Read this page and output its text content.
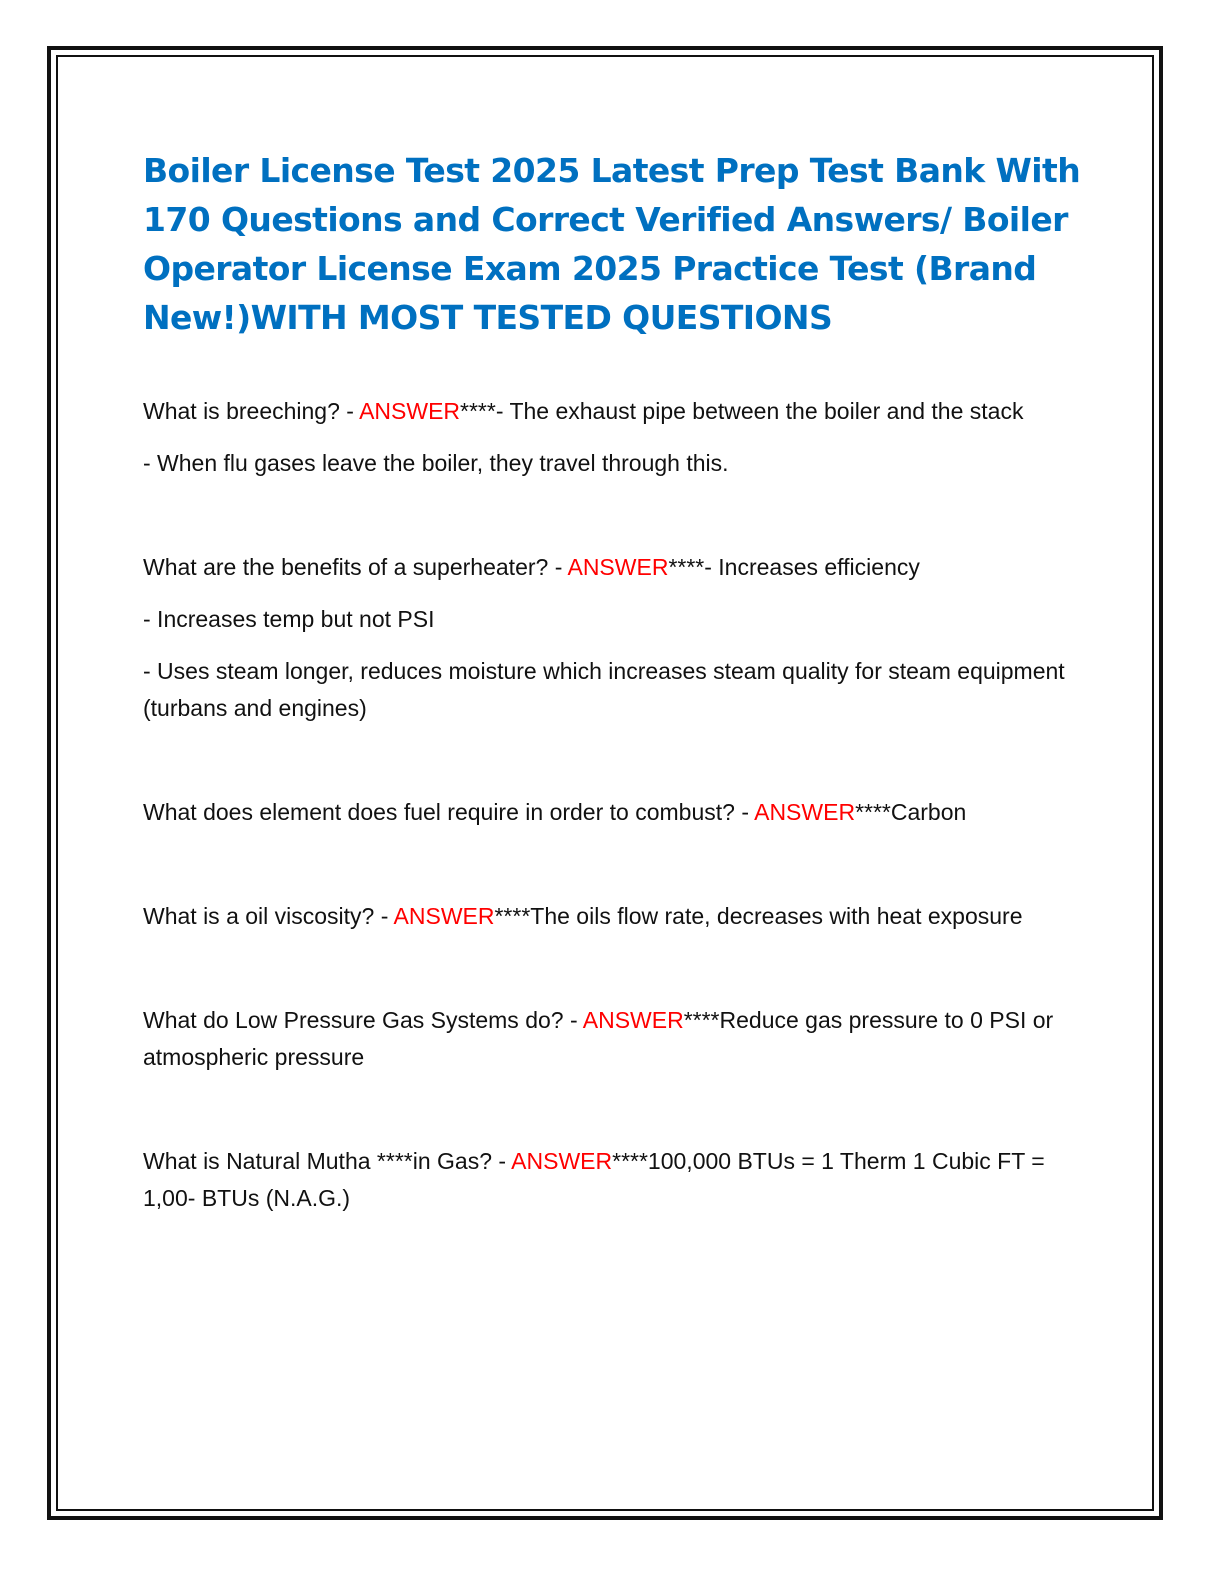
Boiler License Test 2025 Latest Prep Test Bank With 170 Questions and Correct Verified Answers/ Boiler Operator License Exam 2025 Practice Test (Brand New!)WITH MOST TESTED QUESTIONS

What is breeching? - ANSWER****- The exhaust pipe between the boiler and the stack

- When flu gases leave the boiler, they travel through this.

What are the benefits of a superheater? - ANSWER****- Increases efficiency

- Increases temp but not PSI

- Uses steam longer, reduces moisture which increases steam quality for steam equipment (turbans and engines)

What does element does fuel require in order to combust? - ANSWER****Carbon

What is a oil viscosity? - ANSWER****The oils flow rate, decreases with heat exposure

What do Low Pressure Gas Systems do? - ANSWER****Reduce gas pressure to 0 PSI or atmospheric pressure

What is Natural Mutha ****in Gas? - ANSWER****100,000 BTUs = 1 Therm 1 Cubic FT = 1,00- BTUs (N.A.G.)
